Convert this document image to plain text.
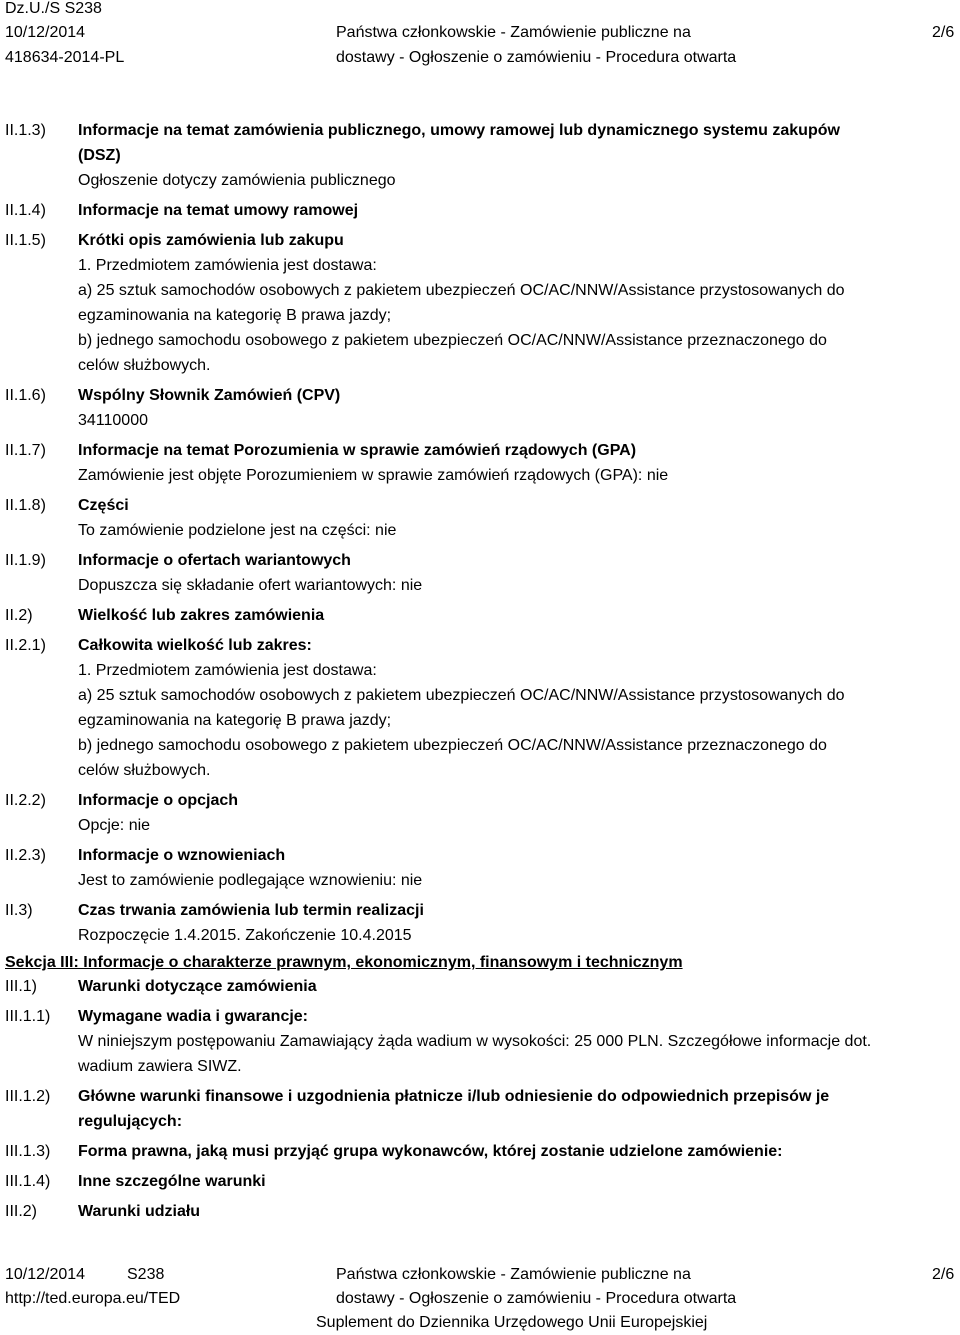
Dz.U./S S238
10/12/2014
418634-2014-PL
Państwa członkowskie - Zamówienie publiczne na
dostawy - Ogłoszenie o zamówieniu - Procedura otwarta
2/6
II.1.3) Informacje na temat zamówienia publicznego, umowy ramowej lub dynamicznego systemu zakupów
(DSZ)
Ogłoszenie dotyczy zamówienia publicznego
II.1.4) Informacje na temat umowy ramowej
II.1.5) Krótki opis zamówienia lub zakupu
1. Przedmiotem zamówienia jest dostawa:
a) 25 sztuk samochodów osobowych z pakietem ubezpieczeń OC/AC/NNW/Assistance przystosowanych do
egzaminowania na kategorię B prawa jazdy;
b) jednego samochodu osobowego z pakietem ubezpieczeń OC/AC/NNW/Assistance przeznaczonego do
celów służbowych.
II.1.6) Wspólny Słownik Zamówień (CPV)
34110000
II.1.7) Informacje na temat Porozumienia w sprawie zamówień rządowych (GPA)
Zamówienie jest objęte Porozumieniem w sprawie zamówień rządowych (GPA): nie
II.1.8) Części
To zamówienie podzielone jest na części: nie
II.1.9) Informacje o ofertach wariantowych
Dopuszcza się składanie ofert wariantowych: nie
II.2)	Wielkość lub zakres zamówienia
II.2.1) Całkowita wielkość lub zakres:
1. Przedmiotem zamówienia jest dostawa:
a) 25 sztuk samochodów osobowych z pakietem ubezpieczeń OC/AC/NNW/Assistance przystosowanych do
egzaminowania na kategorię B prawa jazdy;
b) jednego samochodu osobowego z pakietem ubezpieczeń OC/AC/NNW/Assistance przeznaczonego do
celów służbowych.
II.2.2) Informacje o opcjach
Opcje: nie
II.2.3) Informacje o wznowieniach
Jest to zamówienie podlegające wznowieniu: nie
II.3)	Czas trwania zamówienia lub termin realizacji
Rozpoczęcie 1.4.2015. Zakończenie 10.4.2015
Sekcja III: Informacje o charakterze prawnym, ekonomicznym, finansowym i technicznym
III.1)	Warunki dotyczące zamówienia
III.1.1) Wymagane wadia i gwarancje:
W niniejszym postępowaniu Zamawiający żąda wadium w wysokości: 25 000 PLN. Szczegółowe informacje dot.
wadium zawiera SIWZ.
III.1.2) Główne warunki finansowe i uzgodnienia płatnicze i/lub odniesienie do odpowiednich przepisów je
regulujących:
III.1.3) Forma prawna, jaką musi przyjąć grupa wykonawców, której zostanie udzielone zamówienie:
III.1.4) Inne szczególne warunki
III.2)	Warunki udziału
10/12/2014	S238
http://ted.europa.eu/TED
Państwa członkowskie - Zamówienie publiczne na
dostawy - Ogłoszenie o zamówieniu - Procedura otwarta
Suplement do Dziennika Urzędowego Unii Europejskiej
2/6
